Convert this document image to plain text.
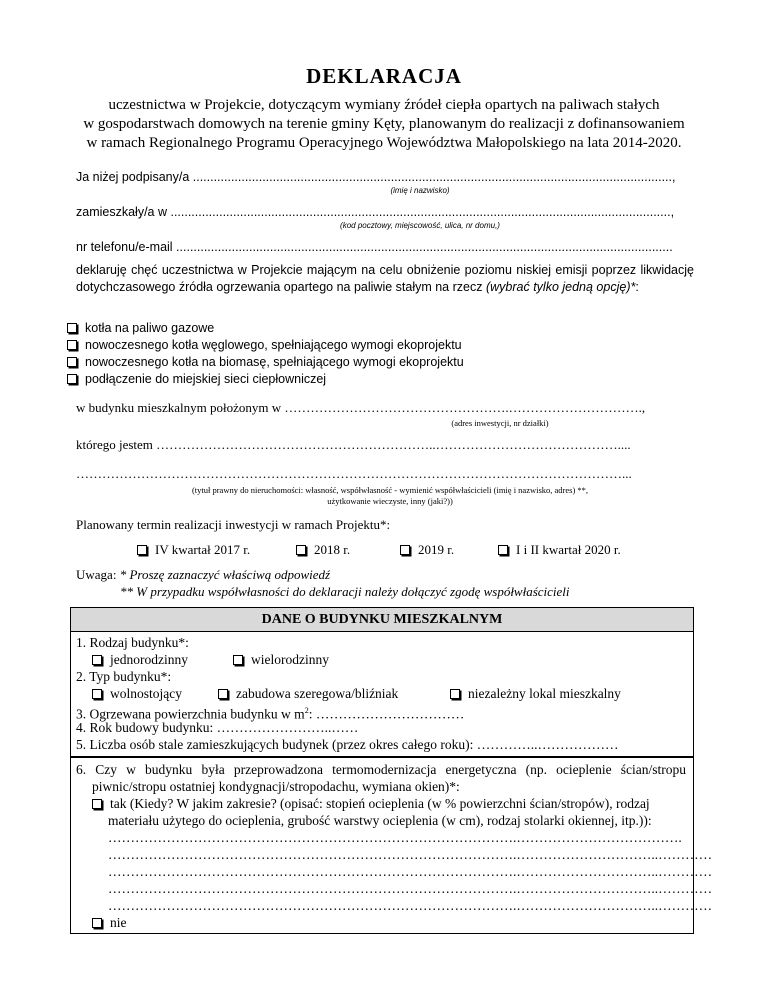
DEKLARACJA
uczestnictwa w Projekcie, dotyczącym wymiany źródeł ciepła opartych na paliwach stałych
w gospodarstwach domowych na terenie gminy Kęty, planowanym do realizacji z dofinansowaniem
w ramach Regionalnego Programu Operacyjnego Województwa Małopolskiego na lata 2014-2020.
Ja niżej podpisany/a ..........................................................................................................................................,
(imię i nazwisko)
zamieszkały/a w ................................................................................................................................................,
(kod pocztowy, miejscowość, ulica, nr domu,)
nr telefonu/e-mail ...............................................................................................................................................
deklaruję chęć uczestnictwa w Projekcie mającym na celu obniżenie poziomu niskiej emisji poprzez likwidację dotychczasowego źródła ogrzewania opartego na paliwie stałym na rzecz (wybrać tylko jedną opcję)*:
kotła na paliwo gazowe
nowoczesnego kotła węglowego, spełniającego wymogi ekoprojektu
nowoczesnego kotła na biomasę, spełniającego wymogi ekoprojektu
podłączenie do miejskiej sieci ciepłowniczej
w budynku mieszkalnym położonym w …………………………………………….………………………….,
(adres inwestycji, nr działki)
którego jestem ………………………………………………………..……………………………………....
………………………………………………………………………………………………………………...
(tytuł prawny do nieruchomości: własność, współwłasność - wymienić współwłaścicieli (imię i nazwisko, adres) **,
użytkowanie wieczyste, inny (jaki?))
Planowany termin realizacji inwestycji w ramach Projektu*:
IV kwartał 2017 r.	2018 r.	2019 r.	I i II kwartał 2020 r.
Uwaga: * Proszę zaznaczyć właściwą odpowiedź
** W przypadku współwłasności do deklaracji należy dołączyć zgodę współwłaścicieli
DANE O BUDYNKU MIESZKALNYM
1. Rodzaj budynku*:
jednorodzinny	wielorodzinny
2. Typ budynku*:
wolnostojący	zabudowa szeregowa/bliźniak	niezależny lokal mieszkalny
3. Ogrzewana powierzchnia budynku w $m^2$: ……………………………
4. Rok budowy budynku: ……………………..……
5. Liczba osób stale zamieszkujących budynek (przez okres całego roku): …………..………………
6. Czy w budynku była przeprowadzona termomodernizacja energetyczna (np. ocieplenie ścian/stropu
piwnic/stropu ostatniej kondygnacji/stropodachu, wymiana okien)*:
tak (Kiedy? W jakim zakresie? (opisać: stopień ocieplenia (w % powierzchni ścian/stropów), rodzaj
materiału użytego do ocieplenia, grubość warstwy ocieplenia (w cm), rodzaj stolarki okiennej, itp.)):
……………………………………………………………………………….……………………………….
……………………………………………………………………………….…………………………..…………
……………………………………………………………………………….…………………………..…………
……………………………………………………………………………….…………………………..…………
……………………………………………………………………………….…………………………..…………
nie
